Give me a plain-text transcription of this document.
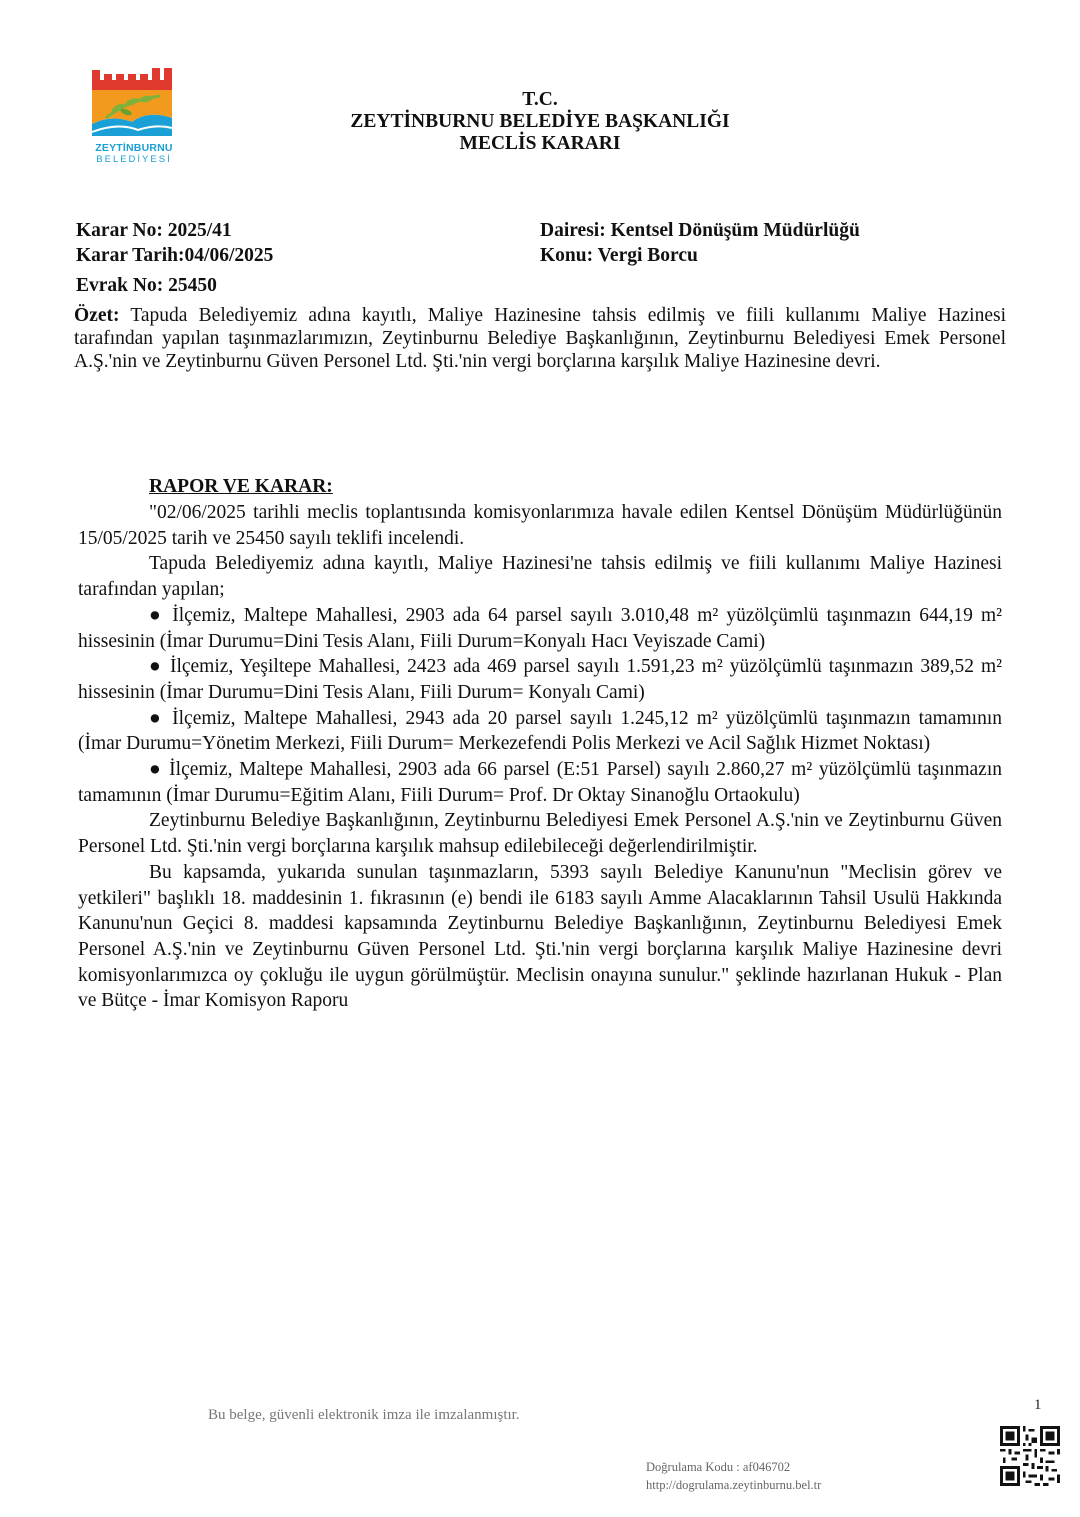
ZEYTİNBURNU
BELEDİYESİ
T.C.
ZEYTİNBURNU BELEDİYE BAŞKANLIĞI
MECLİS KARARI
Karar No: 2025/41
Karar Tarih:04/06/2025
Evrak No: 25450
Dairesi: Kentsel Dönüşüm Müdürlüğü
Konu: Vergi Borcu
Özet: Tapuda Belediyemiz adına kayıtlı, Maliye Hazinesine tahsis edilmiş ve fiili kullanımı Maliye Hazinesi tarafından yapılan taşınmazlarımızın, Zeytinburnu Belediye Başkanlığının, Zeytinburnu Belediyesi Emek Personel A.Ş.'nin ve Zeytinburnu Güven Personel Ltd. Şti.'nin vergi borçlarına karşılık Maliye Hazinesine devri.
RAPOR VE KARAR:

"02/06/2025 tarihli meclis toplantısında komisyonlarımıza havale edilen Kentsel Dönüşüm Müdürlüğünün 15/05/2025 tarih ve 25450 sayılı teklifi incelendi.

Tapuda Belediyemiz adına kayıtlı, Maliye Hazinesi'ne tahsis edilmiş ve fiili kullanımı Maliye Hazinesi tarafından yapılan;

● İlçemiz, Maltepe Mahallesi, 2903 ada 64 parsel sayılı 3.010,48 m² yüzölçümlü taşınmazın 644,19 m² hissesinin (İmar Durumu=Dini Tesis Alanı, Fiili Durum=Konyalı Hacı Veyiszade Cami)

● İlçemiz, Yeşiltepe Mahallesi, 2423 ada 469 parsel sayılı 1.591,23 m² yüzölçümlü taşınmazın 389,52 m² hissesinin (İmar Durumu=Dini Tesis Alanı, Fiili Durum= Konyalı Cami)

● İlçemiz, Maltepe Mahallesi, 2943 ada 20 parsel sayılı 1.245,12 m² yüzölçümlü taşınmazın tamamının (İmar Durumu=Yönetim Merkezi, Fiili Durum= Merkezefendi Polis Merkezi ve Acil Sağlık Hizmet Noktası)

● İlçemiz, Maltepe Mahallesi, 2903 ada 66 parsel (E:51 Parsel) sayılı 2.860,27 m² yüzölçümlü taşınmazın tamamının (İmar Durumu=Eğitim Alanı, Fiili Durum= Prof. Dr Oktay Sinanoğlu Ortaokulu)

Zeytinburnu Belediye Başkanlığının, Zeytinburnu Belediyesi Emek Personel A.Ş.'nin ve Zeytinburnu Güven Personel Ltd. Şti.'nin vergi borçlarına karşılık mahsup edilebileceği değerlendirilmiştir.

Bu kapsamda, yukarıda sunulan taşınmazların, 5393 sayılı Belediye Kanunu'nun "Meclisin görev ve yetkileri" başlıklı 18. maddesinin 1. fıkrasının (e) bendi ile 6183 sayılı Amme Alacaklarının Tahsil Usulü Hakkında Kanunu'nun Geçici 8. maddesi kapsamında Zeytinburnu Belediye Başkanlığının, Zeytinburnu Belediyesi Emek Personel A.Ş.'nin ve Zeytinburnu Güven Personel Ltd. Şti.'nin vergi borçlarına karşılık Maliye Hazinesine devri komisyonlarımızca oy çokluğu ile uygun görülmüştür. Meclisin onayına sunulur." şeklinde hazırlanan Hukuk - Plan ve Bütçe - İmar Komisyon Raporu

Bu belge, güvenli elektronik imza ile imzalanmıştır.
1
Doğrulama Kodu : af046702
http://dogrulama.zeytinburnu.bel.tr
